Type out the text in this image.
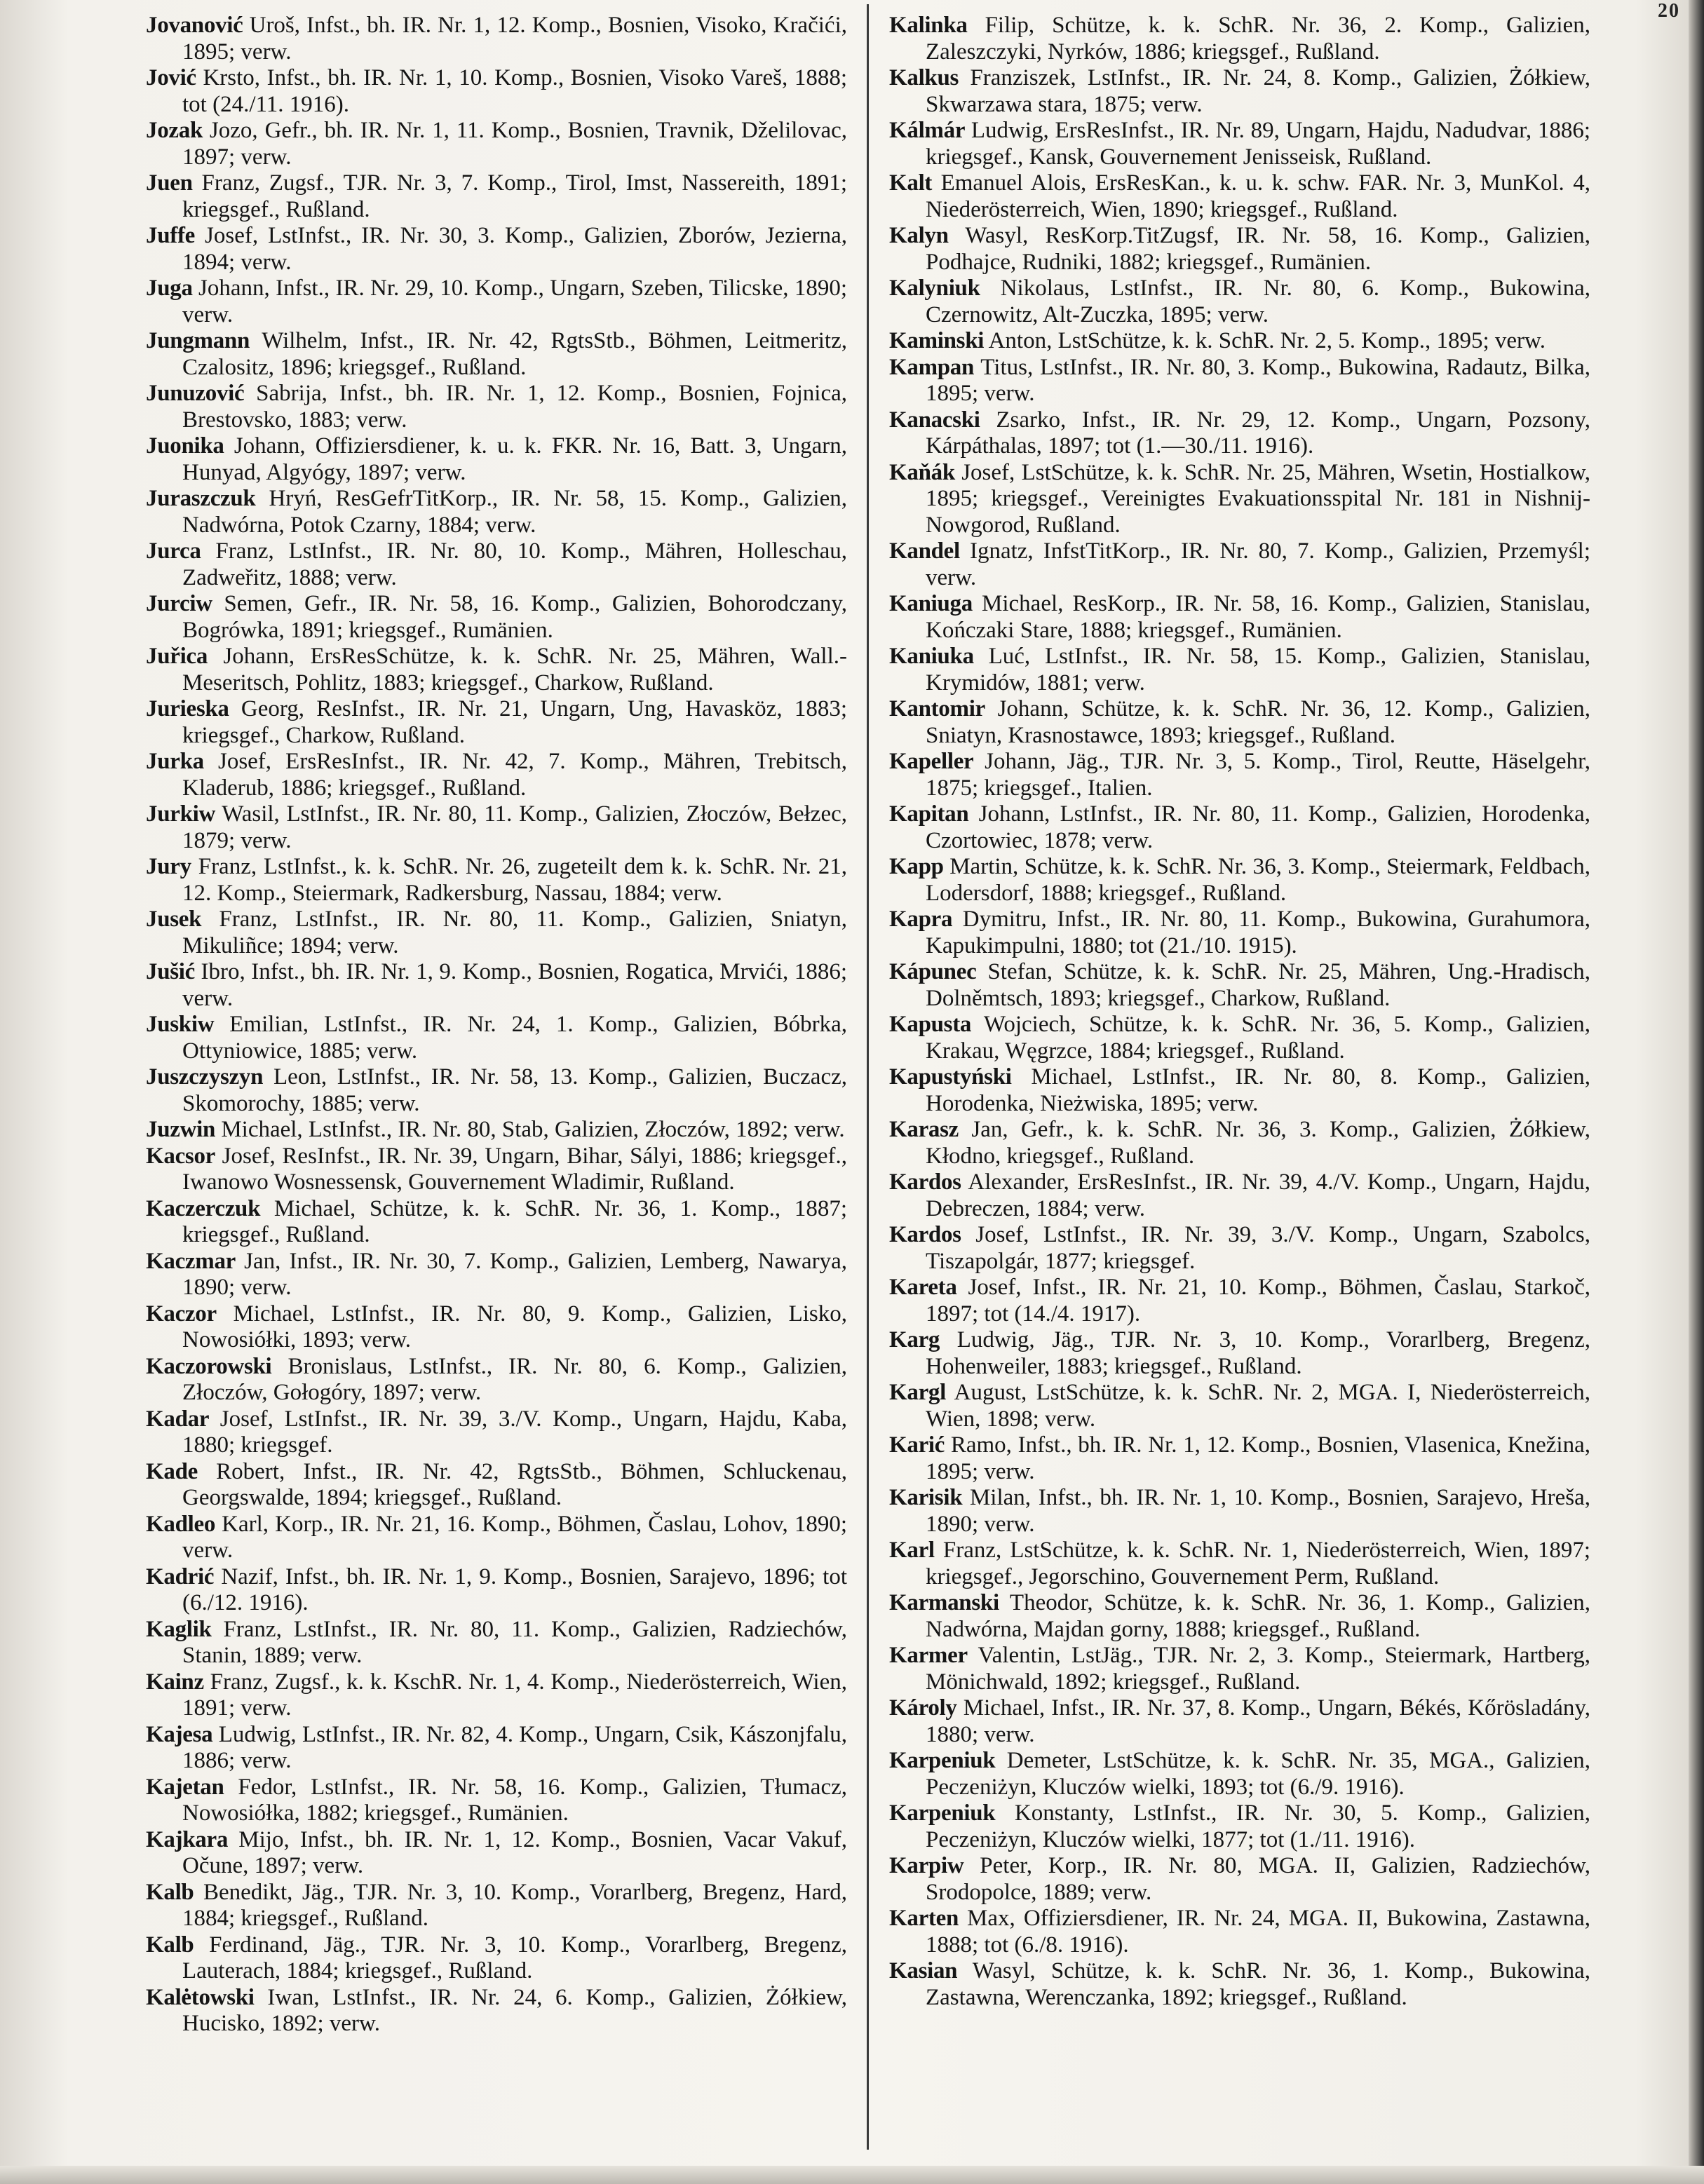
20

Jovanović Uroš, Infst., bh. IR. Nr. 1, 12. Komp., Bosnien, Visoko, Kračići, 1895; verw.

Jović Krsto, Infst., bh. IR. Nr. 1, 10. Komp., Bosnien, Visoko Vareš, 1888; tot (24./11. 1916).

Jozak Jozo, Gefr., bh. IR. Nr. 1, 11. Komp., Bosnien, Travnik, Dželilovac, 1897; verw.

Juen Franz, Zugsf., TJR. Nr. 3, 7. Komp., Tirol, Imst, Nassereith, 1891; kriegsgef., Rußland.

Juffe Josef, LstInfst., IR. Nr. 30, 3. Komp., Galizien, Zborów, Jezierna, 1894; verw.

Juga Johann, Infst., IR. Nr. 29, 10. Komp., Ungarn, Szeben, Tilicske, 1890; verw.

Jungmann Wilhelm, Infst., IR. Nr. 42, RgtsStb., Böhmen, Leitmeritz, Czalositz, 1896; kriegsgef., Rußland.

Junuzović Sabrija, Infst., bh. IR. Nr. 1, 12. Komp., Bosnien, Fojnica, Brestovsko, 1883; verw.

Juonika Johann, Offiziersdiener, k. u. k. FKR. Nr. 16, Batt. 3, Ungarn, Hunyad, Algyógy, 1897; verw.

Juraszczuk Hryń, ResGefrTitKorp., IR. Nr. 58, 15. Komp., Galizien, Nadwórna, Potok Czarny, 1884; verw.

Jurca Franz, LstInfst., IR. Nr. 80, 10. Komp., Mähren, Holleschau, Zadweřitz, 1888; verw.

Jurciw Semen, Gefr., IR. Nr. 58, 16. Komp., Galizien, Bohorodczany, Bogrówka, 1891; kriegsgef., Rumänien.

Juřica Johann, ErsResSchütze, k. k. SchR. Nr. 25, Mähren, Wall.-Meseritsch, Pohlitz, 1883; kriegsgef., Charkow, Rußland.

Jurieska Georg, ResInfst., IR. Nr. 21, Ungarn, Ung, Havasköz, 1883; kriegsgef., Charkow, Rußland.

Jurka Josef, ErsResInfst., IR. Nr. 42, 7. Komp., Mähren, Trebitsch, Kladerub, 1886; kriegsgef., Rußland.

Jurkiw Wasil, LstInfst., IR. Nr. 80, 11. Komp., Galizien, Złoczów, Bełzec, 1879; verw.

Jury Franz, LstInfst., k. k. SchR. Nr. 26, zugeteilt dem k. k. SchR. Nr. 21, 12. Komp., Steiermark, Radkersburg, Nassau, 1884; verw.

Jusek Franz, LstInfst., IR. Nr. 80, 11. Komp., Galizien, Sniatyn, Mikuliñce; 1894; verw.

Jušić Ibro, Infst., bh. IR. Nr. 1, 9. Komp., Bosnien, Rogatica, Mrvići, 1886; verw.

Juskiw Emilian, LstInfst., IR. Nr. 24, 1. Komp., Galizien, Bóbrka, Ottyniowice, 1885; verw.

Juszczyszyn Leon, LstInfst., IR. Nr. 58, 13. Komp., Galizien, Buczacz, Skomorochy, 1885; verw.

Juzwin Michael, LstInfst., IR. Nr. 80, Stab, Galizien, Złoczów, 1892; verw.

Kacsor Josef, ResInfst., IR. Nr. 39, Ungarn, Bihar, Sályi, 1886; kriegsgef., Iwanowo Wosnessensk, Gouvernement Wladimir, Rußland.

Kaczerczuk Michael, Schütze, k. k. SchR. Nr. 36, 1. Komp., 1887; kriegsgef., Rußland.

Kaczmar Jan, Infst., IR. Nr. 30, 7. Komp., Galizien, Lemberg, Nawarya, 1890; verw.

Kaczor Michael, LstInfst., IR. Nr. 80, 9. Komp., Galizien, Lisko, Nowosiółki, 1893; verw.

Kaczorowski Bronislaus, LstInfst., IR. Nr. 80, 6. Komp., Galizien, Złoczów, Gołogóry, 1897; verw.

Kadar Josef, LstInfst., IR. Nr. 39, 3./V. Komp., Ungarn, Hajdu, Kaba, 1880; kriegsgef.

Kade Robert, Infst., IR. Nr. 42, RgtsStb., Böhmen, Schluckenau, Georgswalde, 1894; kriegsgef., Rußland.

Kadleo Karl, Korp., IR. Nr. 21, 16. Komp., Böhmen, Časlau, Lohov, 1890; verw.

Kadrić Nazif, Infst., bh. IR. Nr. 1, 9. Komp., Bosnien, Sarajevo, 1896; tot (6./12. 1916).

Kaglik Franz, LstInfst., IR. Nr. 80, 11. Komp., Galizien, Radziechów, Stanin, 1889; verw.

Kainz Franz, Zugsf., k. k. KschR. Nr. 1, 4. Komp., Niederösterreich, Wien, 1891; verw.

Kajesa Ludwig, LstInfst., IR. Nr. 82, 4. Komp., Ungarn, Csik, Kászonjfalu, 1886; verw.

Kajetan Fedor, LstInfst., IR. Nr. 58, 16. Komp., Galizien, Tłumacz, Nowosiółka, 1882; kriegsgef., Rumänien.

Kajkara Mijo, Infst., bh. IR. Nr. 1, 12. Komp., Bosnien, Vacar Vakuf, Očune, 1897; verw.

Kalb Benedikt, Jäg., TJR. Nr. 3, 10. Komp., Vorarlberg, Bregenz, Hard, 1884; kriegsgef., Rußland.

Kalb Ferdinand, Jäg., TJR. Nr. 3, 10. Komp., Vorarlberg, Bregenz, Lauterach, 1884; kriegsgef., Rußland.

Kalėtowski Iwan, LstInfst., IR. Nr. 24, 6. Komp., Galizien, Żółkiew, Hucisko, 1892; verw.

Kalinka Filip, Schütze, k. k. SchR. Nr. 36, 2. Komp., Galizien, Zaleszczyki, Nyrków, 1886; kriegsgef., Rußland.

Kalkus Franziszek, LstInfst., IR. Nr. 24, 8. Komp., Galizien, Żółkiew, Skwarzawa stara, 1875; verw.

Kálmár Ludwig, ErsResInfst., IR. Nr. 89, Ungarn, Hajdu, Nadudvar, 1886; kriegsgef., Kansk, Gouvernement Jenisseisk, Rußland.

Kalt Emanuel Alois, ErsResKan., k. u. k. schw. FAR. Nr. 3, MunKol. 4, Niederösterreich, Wien, 1890; kriegsgef., Rußland.

Kalyn Wasyl, ResKorp.TitZugsf, IR. Nr. 58, 16. Komp., Galizien, Podhajce, Rudniki, 1882; kriegsgef., Rumänien.

Kalyniuk Nikolaus, LstInfst., IR. Nr. 80, 6. Komp., Bukowina, Czernowitz, Alt-Zuczka, 1895; verw.

Kaminski Anton, LstSchütze, k. k. SchR. Nr. 2, 5. Komp., 1895; verw.

Kampan Titus, LstInfst., IR. Nr. 80, 3. Komp., Bukowina, Radautz, Bilka, 1895; verw.

Kanacski Zsarko, Infst., IR. Nr. 29, 12. Komp., Ungarn, Pozsony, Kárpáthalas, 1897; tot (1.—30./11. 1916).

Kaňák Josef, LstSchütze, k. k. SchR. Nr. 25, Mähren, Wsetin, Hostialkow, 1895; kriegsgef., Vereinigtes Evakuationsspital Nr. 181 in Nishnij-Nowgorod, Rußland.

Kandel Ignatz, InfstTitKorp., IR. Nr. 80, 7. Komp., Galizien, Przemyśl; verw.

Kaniuga Michael, ResKorp., IR. Nr. 58, 16. Komp., Galizien, Stanislau, Kończaki Stare, 1888; kriegsgef., Rumänien.

Kaniuka Luć, LstInfst., IR. Nr. 58, 15. Komp., Galizien, Stanislau, Krymidów, 1881; verw.

Kantomir Johann, Schütze, k. k. SchR. Nr. 36, 12. Komp., Galizien, Sniatyn, Krasnostawce, 1893; kriegsgef., Rußland.

Kapeller Johann, Jäg., TJR. Nr. 3, 5. Komp., Tirol, Reutte, Häselgehr, 1875; kriegsgef., Italien.

Kapitan Johann, LstInfst., IR. Nr. 80, 11. Komp., Galizien, Horodenka, Czortowiec, 1878; verw.

Kapp Martin, Schütze, k. k. SchR. Nr. 36, 3. Komp., Steiermark, Feldbach, Lodersdorf, 1888; kriegsgef., Rußland.

Kapra Dymitru, Infst., IR. Nr. 80, 11. Komp., Bukowina, Gurahumora, Kapukimpulni, 1880; tot (21./10. 1915).

Kápunec Stefan, Schütze, k. k. SchR. Nr. 25, Mähren, Ung.-Hradisch, Dolněmtsch, 1893; kriegsgef., Charkow, Rußland.

Kapusta Wojciech, Schütze, k. k. SchR. Nr. 36, 5. Komp., Galizien, Krakau, Węgrzce, 1884; kriegsgef., Rußland.

Kapustyński Michael, LstInfst., IR. Nr. 80, 8. Komp., Galizien, Horodenka, Nieżwiska, 1895; verw.

Karasz Jan, Gefr., k. k. SchR. Nr. 36, 3. Komp., Galizien, Żółkiew, Kłodno, kriegsgef., Rußland.

Kardos Alexander, ErsResInfst., IR. Nr. 39, 4./V. Komp., Ungarn, Hajdu, Debreczen, 1884; verw.

Kardos Josef, LstInfst., IR. Nr. 39, 3./V. Komp., Ungarn, Szabolcs, Tiszapolgár, 1877; kriegsgef.

Kareta Josef, Infst., IR. Nr. 21, 10. Komp., Böhmen, Časlau, Starkoč, 1897; tot (14./4. 1917).

Karg Ludwig, Jäg., TJR. Nr. 3, 10. Komp., Vorarlberg, Bregenz, Hohenweiler, 1883; kriegsgef., Rußland.

Kargl August, LstSchütze, k. k. SchR. Nr. 2, MGA. I, Niederösterreich, Wien, 1898; verw.

Karić Ramo, Infst., bh. IR. Nr. 1, 12. Komp., Bosnien, Vlasenica, Knežina, 1895; verw.

Karisik Milan, Infst., bh. IR. Nr. 1, 10. Komp., Bosnien, Sarajevo, Hreša, 1890; verw.

Karl Franz, LstSchütze, k. k. SchR. Nr. 1, Niederösterreich, Wien, 1897; kriegsgef., Jegorschino, Gouvernement Perm, Rußland.

Karmanski Theodor, Schütze, k. k. SchR. Nr. 36, 1. Komp., Galizien, Nadwórna, Majdan gorny, 1888; kriegsgef., Rußland.

Karmer Valentin, LstJäg., TJR. Nr. 2, 3. Komp., Steiermark, Hartberg, Mönichwald, 1892; kriegsgef., Rußland.

Károly Michael, Infst., IR. Nr. 37, 8. Komp., Ungarn, Békés, Kőrösladány, 1880; verw.

Karpeniuk Demeter, LstSchütze, k. k. SchR. Nr. 35, MGA., Galizien, Peczeniżyn, Kluczów wielki, 1893; tot (6./9. 1916).

Karpeniuk Konstanty, LstInfst., IR. Nr. 30, 5. Komp., Galizien, Peczeniżyn, Kluczów wielki, 1877; tot (1./11. 1916).

Karpiw Peter, Korp., IR. Nr. 80, MGA. II, Galizien, Radziechów, Srodopolce, 1889; verw.

Karten Max, Offiziersdiener, IR. Nr. 24, MGA. II, Bukowina, Zastawna, 1888; tot (6./8. 1916).

Kasian Wasyl, Schütze, k. k. SchR. Nr. 36, 1. Komp., Bukowina, Zastawna, Werenczanka, 1892; kriegsgef., Rußland.
